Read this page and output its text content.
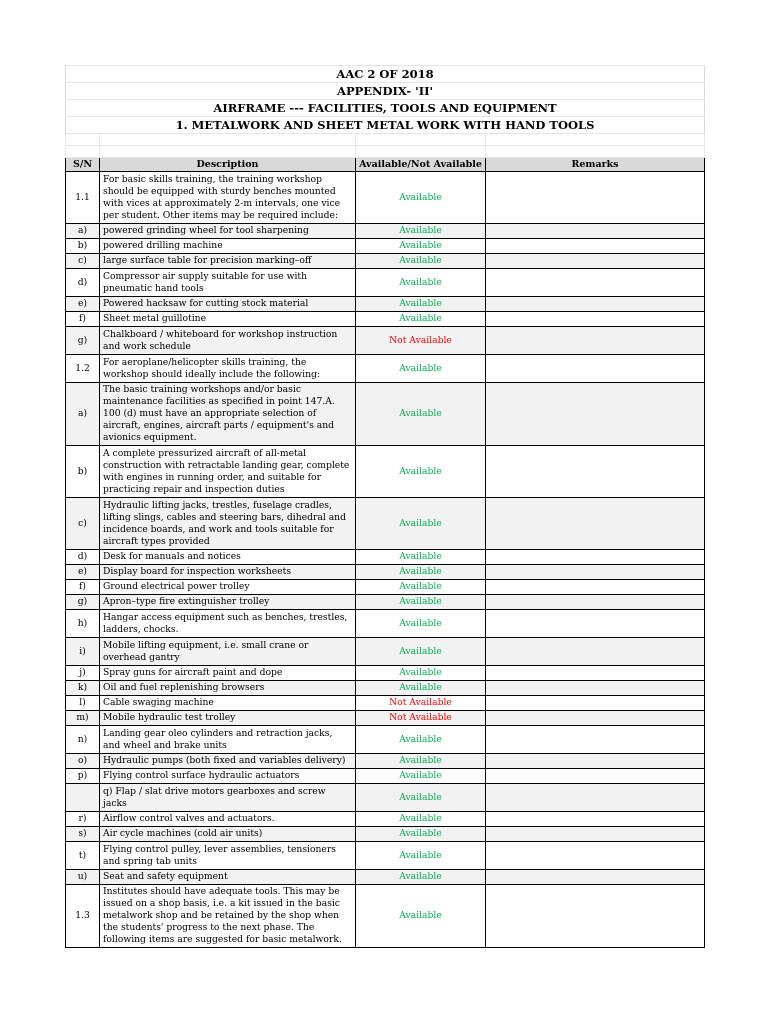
AAC 2 OF 2018			
APPENDIX- 'II'			
AIRFRAME --- FACILITIES, TOOLS AND EQUIPMENT			
1. METALWORK AND SHEET METAL WORK WITH HAND TOOLS			

S/N	Description	Available/Not Available	Remarks
1.1	For basic skills training, the training workshop should be equipped with sturdy benches mounted with vices at approximately 2-m intervals, one vice per student. Other items may be required include:	Available	
a)	powered grinding wheel for tool sharpening	Available	
b)	powered drilling machine	Available	
c)	large surface table for precision marking–off	Available	
d)	Compressor air supply suitable for use with pneumatic hand tools	Available	
e)	Powered hacksaw for cutting stock material	Available	
f)	Sheet metal guillotine	Available	
g)	Chalkboard / whiteboard for workshop instruction and work schedule	Not Available	
1.2	For aeroplane/helicopter skills training, the workshop should ideally include the following:	Available	
a)	The basic training workshops and/or basic maintenance facilities as specified in point 147.A. 100 (d) must have an appropriate selection of aircraft, engines, aircraft parts / equipment's and avionics equipment.	Available	
b)	A complete pressurized aircraft of all-metal construction with retractable landing gear, complete with engines in running order, and suitable for practicing repair and inspection duties	Available	
c)	Hydraulic lifting jacks, trestles, fuselage cradles, lifting slings, cables and steering bars, dihedral and incidence boards, and work and tools suitable for aircraft types provided	Available	
d)	Desk for manuals and notices	Available	
e)	Display board for inspection worksheets	Available	
f)	Ground electrical power trolley	Available	
g)	Apron–type fire extinguisher trolley	Available	
h)	Hangar access equipment such as benches, trestles, ladders, chocks.	Available	
i)	Mobile lifting equipment, i.e. small crane or overhead gantry	Available	
j)	Spray guns for aircraft paint and dope	Available	
k)	Oil and fuel replenishing browsers	Available	
l)	Cable swaging machine	Not Available	
m)	Mobile hydraulic test trolley	Not Available	
n)	Landing gear oleo cylinders and retraction jacks, and wheel and brake units	Available	
o)	Hydraulic pumps (both fixed and variables delivery)	Available	
p)	Flying control surface hydraulic actuators	Available	
	q) Flap / slat drive motors gearboxes and screw jacks	Available	
r)	Airflow control valves and actuators.	Available	
s)	Air cycle machines (cold air units)	Available	
t)	Flying control pulley, lever assemblies, tensioners and spring tab units	Available	
u)	Seat and safety equipment	Available	
1.3	Institutes should have adequate tools. This may be issued on a shop basis, i.e. a kit issued in the basic metalwork shop and be retained by the shop when the students' progress to the next phase. The following items are suggested for basic metalwork.	Available	
